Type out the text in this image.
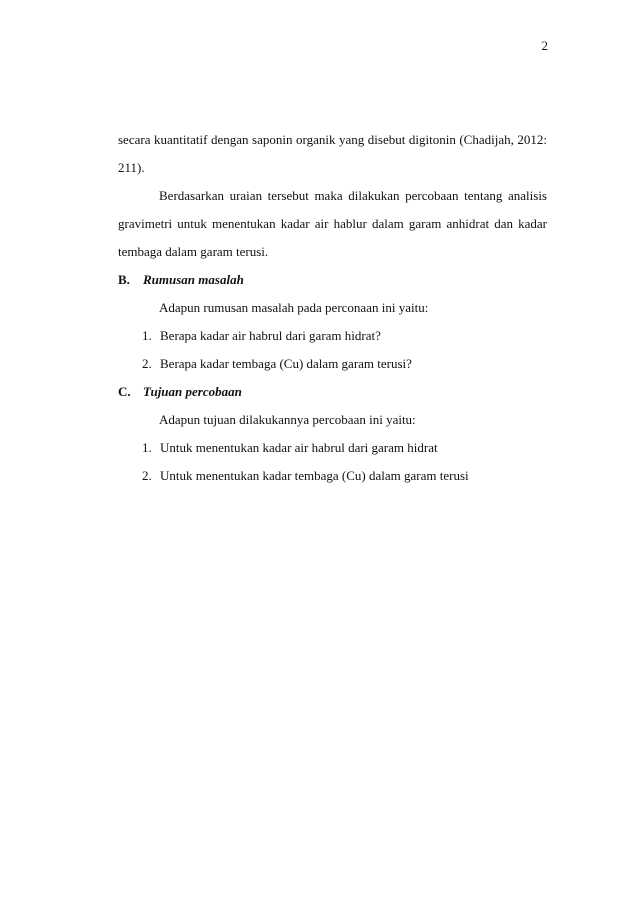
2

secara kuantitatif dengan saponin organik yang disebut digitonin (Chadijah, 2012: 211).

Berdasarkan uraian tersebut maka dilakukan percobaan tentang analisis gravimetri untuk menentukan kadar air hablur dalam garam anhidrat dan kadar tembaga dalam garam terusi.

B. Rumusan masalah

Adapun rumusan masalah pada perconaan ini yaitu:

1. Berapa kadar air habrul dari garam hidrat?
2. Berapa kadar tembaga (Cu) dalam garam terusi?
C. Tujuan percobaan

Adapun tujuan dilakukannya percobaan ini yaitu:

1. Untuk menentukan kadar air habrul dari garam hidrat
2. Untuk menentukan kadar tembaga (Cu) dalam garam terusi
